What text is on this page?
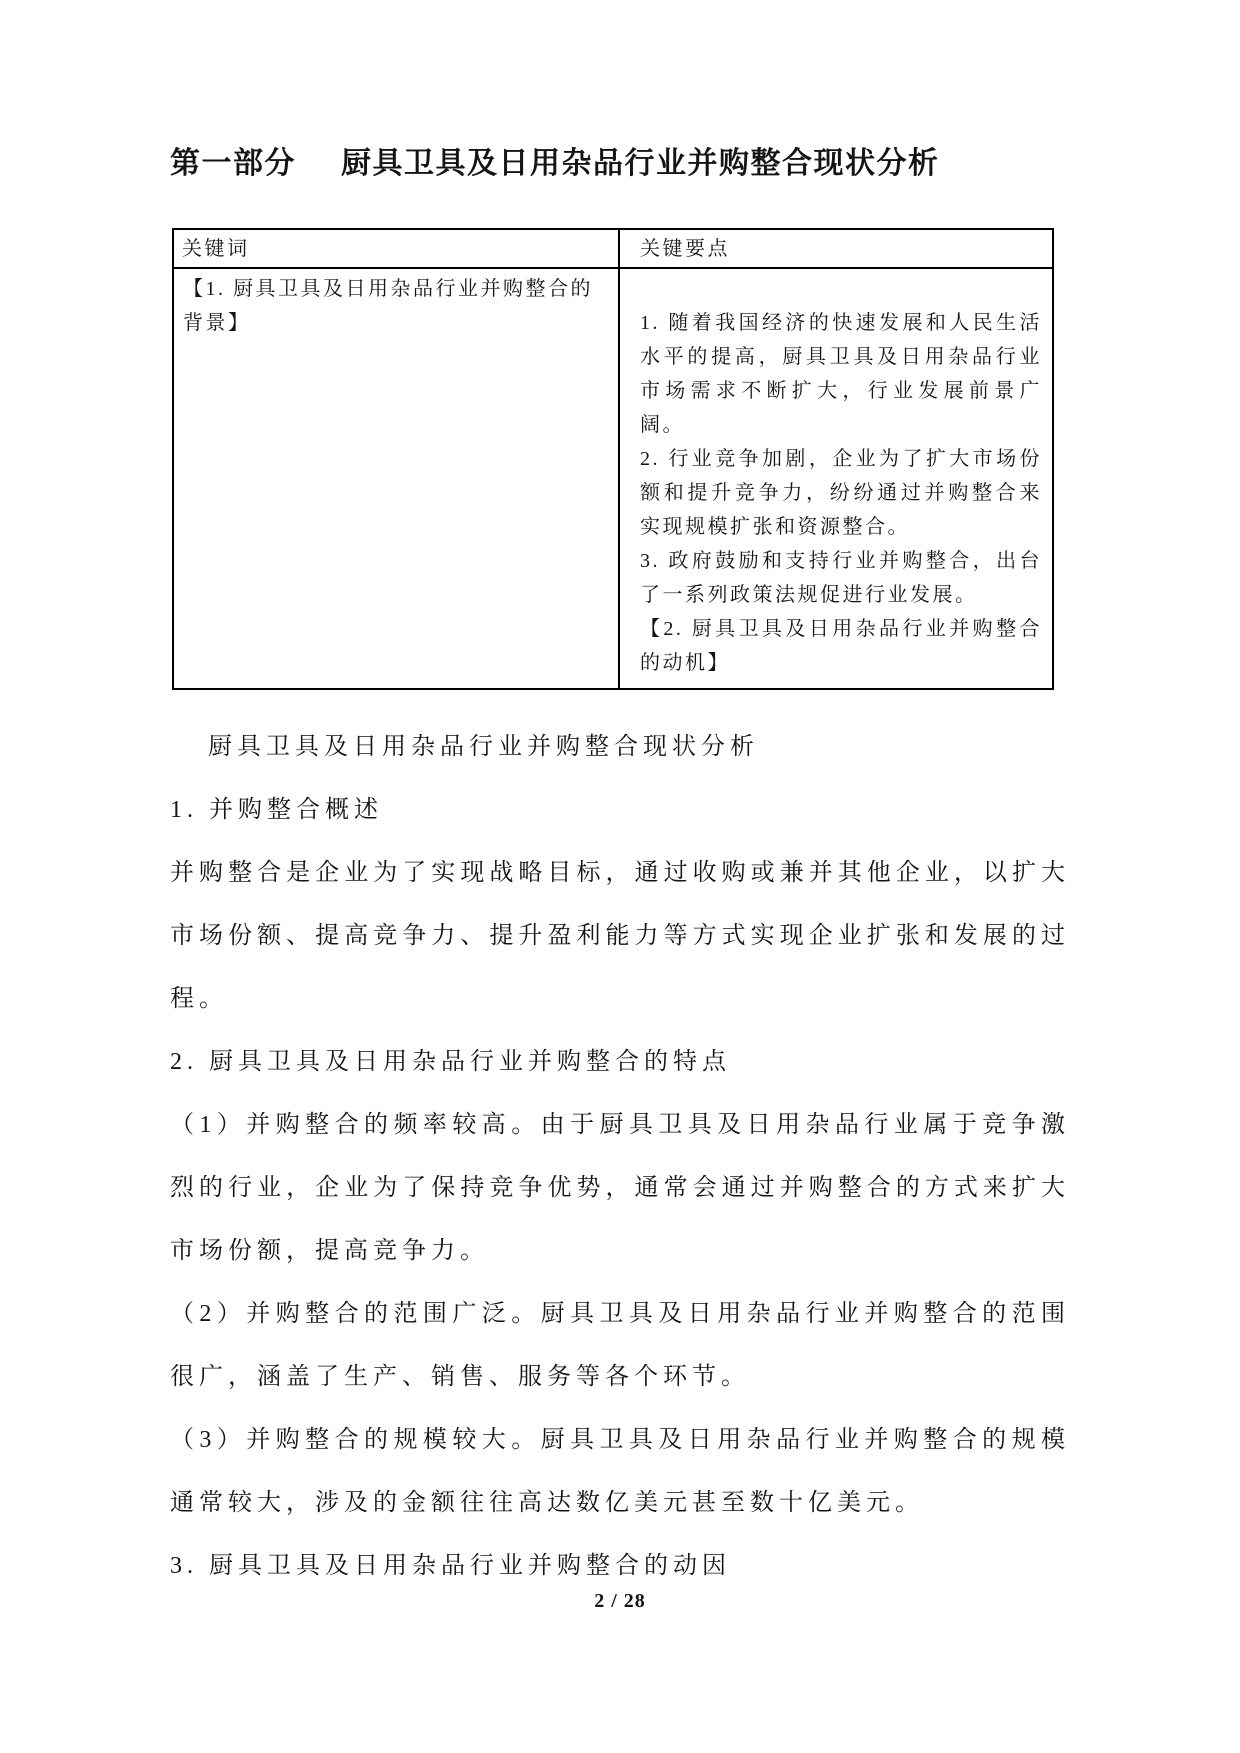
第一部分 厨具卫具及日用杂品行业并购整合现状分析
关键词	关键要点
【1. 厨具卫具及日用杂品行业并购整合的背景】	1. 随着我国经济的快速发展和人民生活水平的提高，厨具卫具及日用杂品行业市场需求不断扩大，行业发展前景广阔。
2. 行业竞争加剧，企业为了扩大市场份额和提升竞争力，纷纷通过并购整合来实现规模扩张和资源整合。
3. 政府鼓励和支持行业并购整合，出台了一系列政策法规促进行业发展。
【2. 厨具卫具及日用杂品行业并购整合的动机】

厨具卫具及日用杂品行业并购整合现状分析

1. 并购整合概述

并购整合是企业为了实现战略目标，通过收购或兼并其他企业，以扩大市场份额、提高竞争力、提升盈利能力等方式实现企业扩张和发展的过程。

2. 厨具卫具及日用杂品行业并购整合的特点

（1）并购整合的频率较高。由于厨具卫具及日用杂品行业属于竞争激烈的行业，企业为了保持竞争优势，通常会通过并购整合的方式来扩大市场份额，提高竞争力。

（2）并购整合的范围广泛。厨具卫具及日用杂品行业并购整合的范围很广，涵盖了生产、销售、服务等各个环节。

（3）并购整合的规模较大。厨具卫具及日用杂品行业并购整合的规模通常较大，涉及的金额往往高达数亿美元甚至数十亿美元。

3. 厨具卫具及日用杂品行业并购整合的动因

2 / 28
